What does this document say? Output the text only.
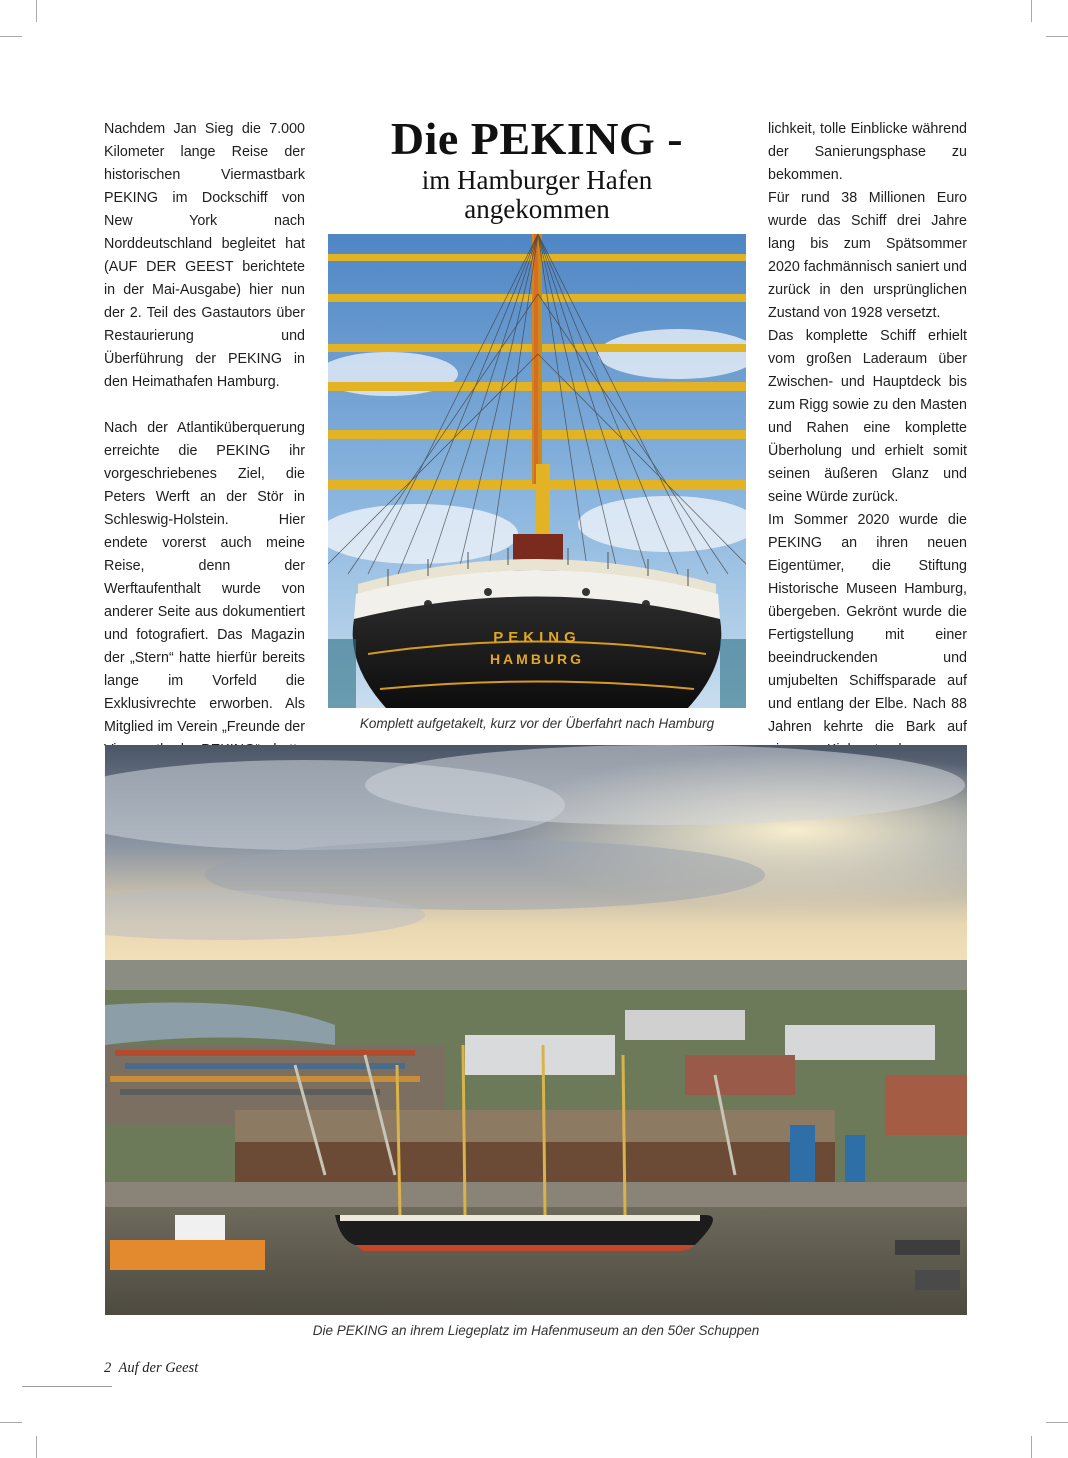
Nachdem Jan Sieg die 7.000 Kilometer lange Reise der historischen Viermastbark PEKING im Dockschiff von New York nach Norddeutschland begleitet hat (AUF DER GEEST berichtete in der Mai-Ausgabe) hier nun der 2. Teil des Gastautors über Restaurierung und Überführung der PEKING in den Heimathafen Hamburg.

Nach der Atlantiküberquerung erreichte die PEKING ihr vorgeschriebenes Ziel, die Peters Werft an der Stör in Schleswig-Holstein. Hier endete vorerst auch meine Reise, denn der Werftaufenthalt wurde von anderer Seite aus dokumentiert und fotografiert. Das Magazin der „Stern“ hatte hierfür bereits lange im Vorfeld die Exklusivrechte erworben. Als Mitglied im Verein „Freunde der

Die PEKING -
im Hamburger Hafen
angekommen
PEKING
HAMBURG
Komplett aufgetakelt, kurz vor der Überfahrt nach Hamburg

lichkeit, tolle Einblicke während der Sanierungsphase zu bekommen.

Für rund 38 Millionen Euro wurde das Schiff drei Jahre lang bis zum Spätsommer 2020 fachmännisch saniert und zurück in den ursprünglichen Zustand von 1928 versetzt.

Das komplette Schiff erhielt vom großen Laderaum über Zwischen- und Hauptdeck bis zum Rigg sowie zu den Masten und Rahen eine komplette Überholung und erhielt somit seinen äußeren Glanz und seine Würde zurück.

Im Sommer 2020 wurde die PEKING an ihren neuen Eigentümer, die Stiftung Historische Museen Hamburg, übergeben. Gekrönt wurde die Fertigstellung mit einer beeindruckenden und umjubelten Schiffsparade auf und entlang der Elbe. Nach 88 Jahren kehrte die Bark auf

Die PEKING an ihrem Liegeplatz im Hafenmuseum an den 50er Schuppen
2 Auf der Geest
